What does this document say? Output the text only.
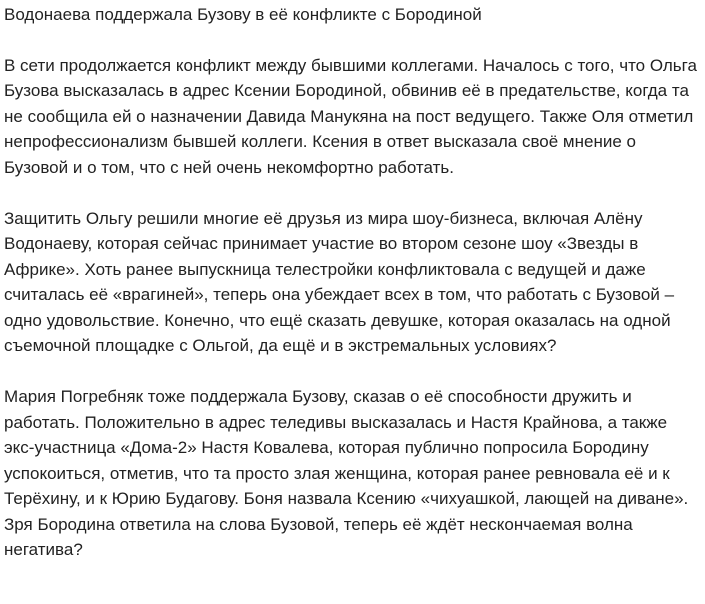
Водонаева поддержала Бузову в её конфликте с Бородиной

В сети продолжается конфликт между бывшими коллегами. Началось с того, что Ольга Бузова высказалась в адрес Ксении Бородиной, обвинив её в предательстве, когда та не сообщила ей о назначении Давида Манукяна на пост ведущего. Также Оля отметил непрофессионализм бывшей коллеги. Ксения в ответ высказала своё мнение о Бузовой и о том, что с ней очень некомфортно работать.

Защитить Ольгу решили многие её друзья из мира шоу-бизнеса, включая Алёну Водонаеву, которая сейчас принимает участие во втором сезоне шоу «Звезды в Африке». Хоть ранее выпускница телестройки конфликтовала с ведущей и даже считалась её «врагиней», теперь она убеждает всех в том, что работать с Бузовой – одно удовольствие. Конечно, что ещё сказать девушке, которая оказалась на одной съемочной площадке с Ольгой, да ещё и в экстремальных условиях?

Мария Погребняк тоже поддержала Бузову, сказав о её способности дружить и работать. Положительно в адрес теледивы высказалась и Настя Крайнова, а также экс-участница «Дома-2» Настя Ковалева, которая публично попросила Бородину успокоиться, отметив, что та просто злая женщина, которая ранее ревновала её и к Терёхину, и к Юрию Будагову. Боня назвала Ксению «чихуашкой, лающей на диване». Зря Бородина ответила на слова Бузовой, теперь её ждёт нескончаемая волна негатива?
